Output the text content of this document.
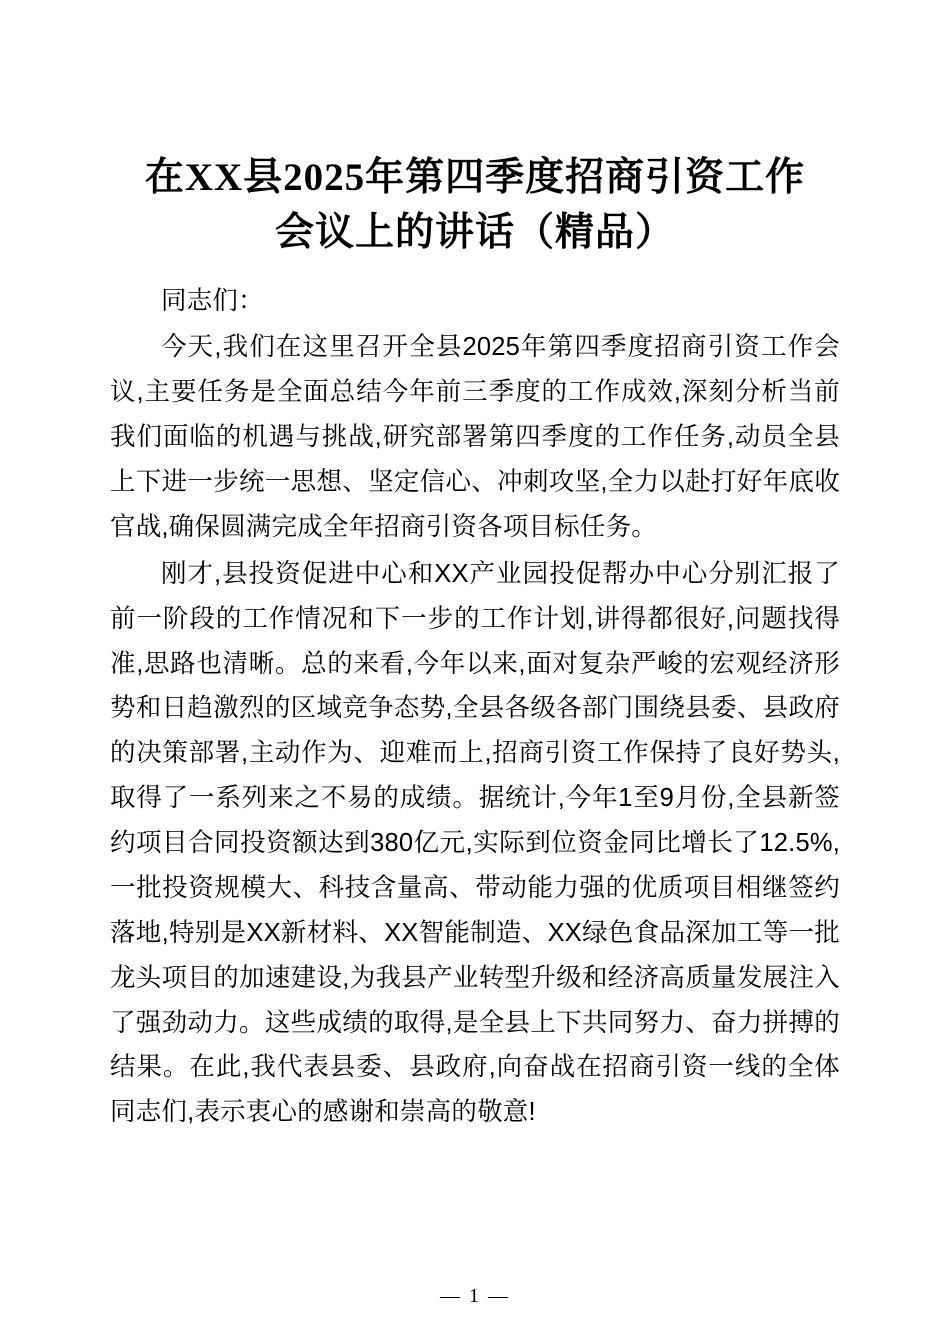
在XX县2025年第四季度招商引资工作会议上的讲话（精品）

同志们：

今天,我们在这里召开全县2025年第四季度招商引资工作会议,主要任务是全面总结今年前三季度的工作成效,深刻分析当前我们面临的机遇与挑战,研究部署第四季度的工作任务,动员全县上下进一步统一思想、坚定信心、冲刺攻坚,全力以赴打好年底收官战,确保圆满完成全年招商引资各项目标任务。

刚才,县投资促进中心和XX产业园投促帮办中心分别汇报了前一阶段的工作情况和下一步的工作计划,讲得都很好,问题找得准,思路也清晰。总的来看,今年以来,面对复杂严峻的宏观经济形势和日趋激烈的区域竞争态势,全县各级各部门围绕县委、县政府的决策部署,主动作为、迎难而上,招商引资工作保持了良好势头,取得了一系列来之不易的成绩。据统计,今年1至9月份,全县新签约项目合同投资额达到380亿元,实际到位资金同比增长了12.5%,一批投资规模大、科技含量高、带动能力强的优质项目相继签约落地,特别是XX新材料、XX智能制造、XX绿色食品深加工等一批龙头项目的加速建设,为我县产业转型升级和经济高质量发展注入了强劲动力。这些成绩的取得,是全县上下共同努力、奋力拼搏的结果。在此,我代表县委、县政府,向奋战在招商引资一线的全体同志们,表示衷心的感谢和崇高的敬意!

— 1 —
